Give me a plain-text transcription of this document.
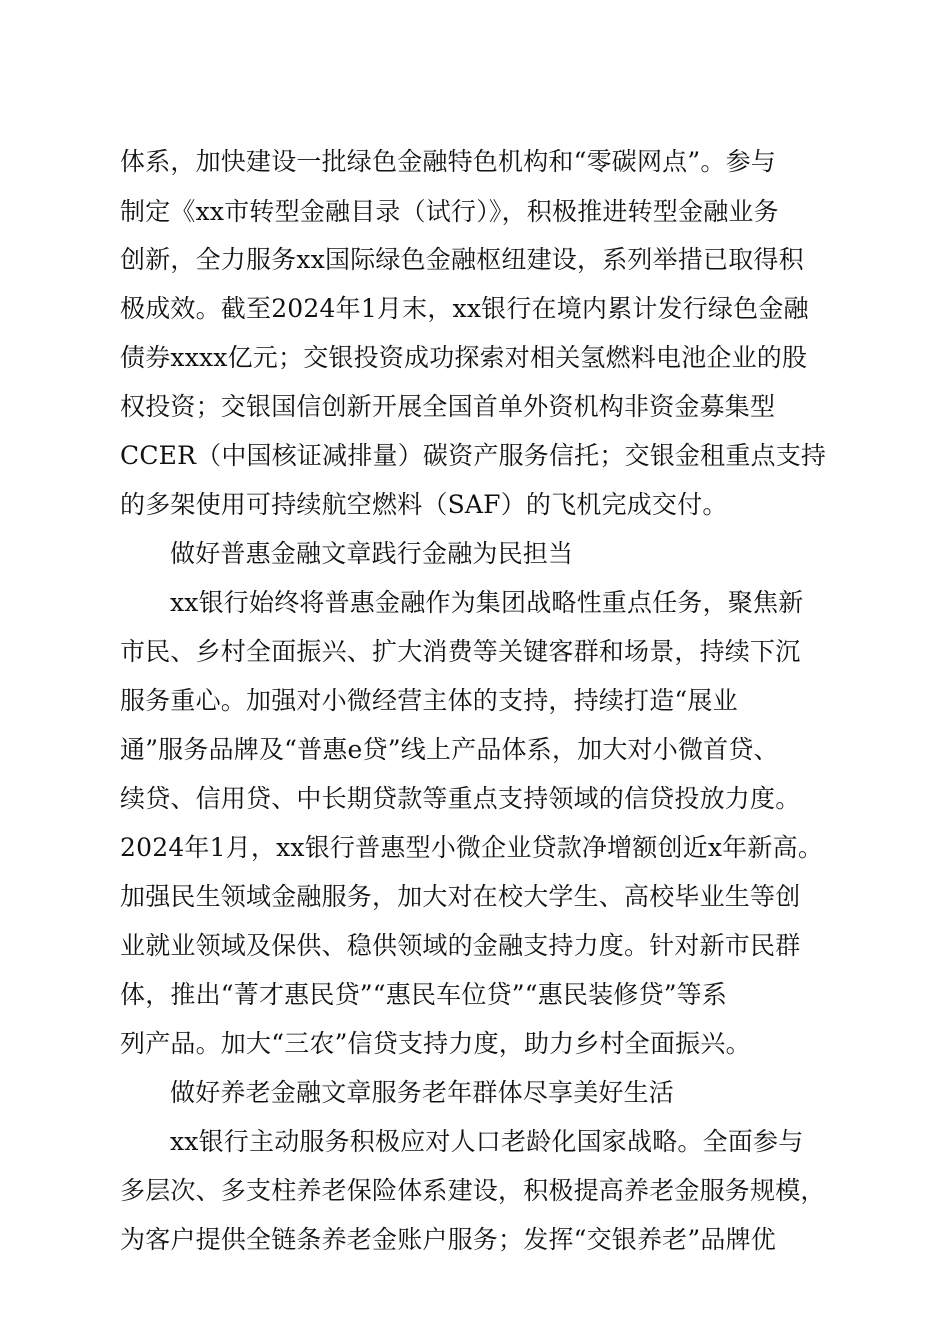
体系，加快建设一批绿色金融特色机构和“零碳网点”。参与
制定《xx市转型金融目录（试行）》，积极推进转型金融业务
创新，全力服务xx国际绿色金融枢纽建设，系列举措已取得积
极成效。截至2024年1月末，xx银行在境内累计发行绿色金融
债券xxxx亿元；交银投资成功探索对相关氢燃料电池企业的股
权投资；交银国信创新开展全国首单外资机构非资金募集型
CCER（中国核证减排量）碳资产服务信托；交银金租重点支持
的多架使用可持续航空燃料（SAF）的飞机完成交付。
做好普惠金融文章践行金融为民担当
xx银行始终将普惠金融作为集团战略性重点任务，聚焦新
市民、乡村全面振兴、扩大消费等关键客群和场景，持续下沉
服务重心。加强对小微经营主体的支持，持续打造“展业
通”服务品牌及“普惠e贷”线上产品体系，加大对小微首贷、
续贷、信用贷、中长期贷款等重点支持领域的信贷投放力度。
2024年1月，xx银行普惠型小微企业贷款净增额创近x年新高。
加强民生领域金融服务，加大对在校大学生、高校毕业生等创
业就业领域及保供、稳供领域的金融支持力度。针对新市民群
体，推出“菁才惠民贷”“惠民车位贷”“惠民装修贷”等系
列产品。加大“三农”信贷支持力度，助力乡村全面振兴。
做好养老金融文章服务老年群体尽享美好生活
xx银行主动服务积极应对人口老龄化国家战略。全面参与
多层次、多支柱养老保险体系建设，积极提高养老金服务规模，
为客户提供全链条养老金账户服务；发挥“交银养老”品牌优
